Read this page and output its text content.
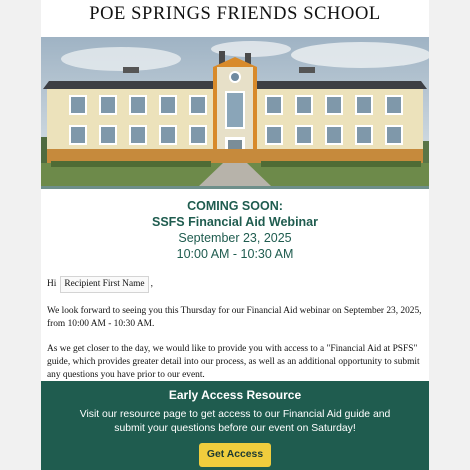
POE SPRINGS FRIENDS SCHOOL
COMING SOON:
SSFS Financial Aid Webinar
September 23, 2025
10:00 AM - 10:30 AM
Hi Recipient First Name ,
We look forward to seeing you this Thursday for our Financial Aid webinar on September 23, 2025, from 10:00 AM - 10:30 AM.
As we get closer to the day, we would like to provide you with access to a "Financial Aid at PSFS" guide, which provides greater detail into our process, as well as an additional opportunity to submit any questions you have prior to our event.
Early Access Resource
Visit our resource page to get access to our Financial Aid guide and submit your questions before our event on Saturday!
Get Access
